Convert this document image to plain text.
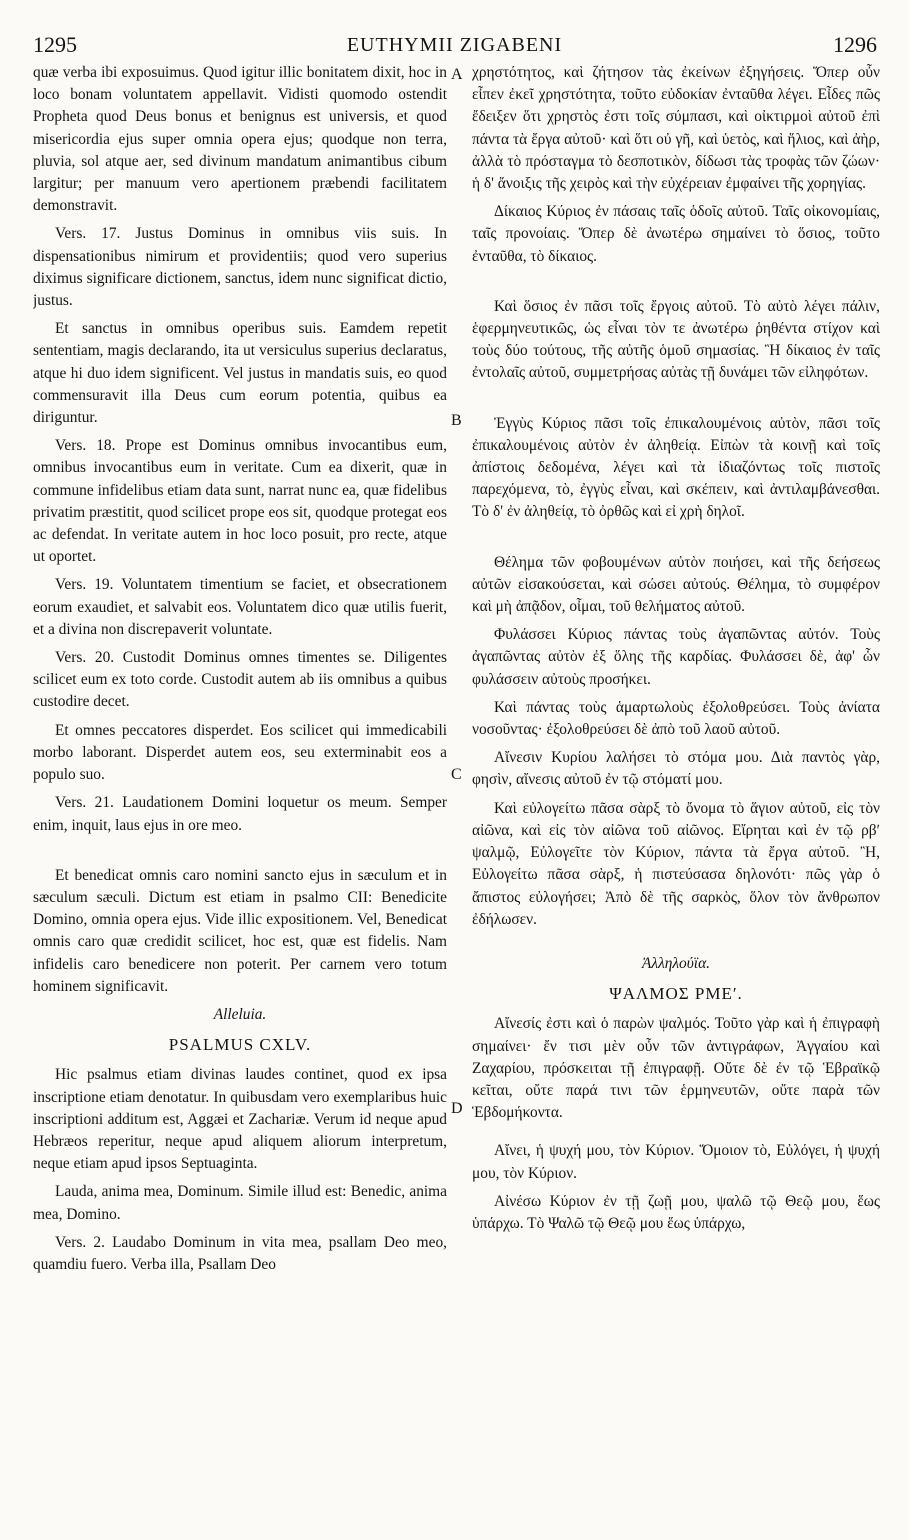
1295	EUTHYMII ZIGABENI	1296

quæ verba ibi exposuimus. Quod igitur illic bonitatem dixit, hoc in loco bonam voluntatem appellavit. Vidisti quomodo ostendit Propheta quod Deus bonus et benignus est universis, et quod misericordia ejus super omnia opera ejus; quodque non terra, pluvia, sol atque aer, sed divinum mandatum animantibus cibum largitur; per manuum vero apertionem præbendi facilitatem demonstravit.

Vers. 17. Justus Dominus in omnibus viis suis. In dispensationibus nimirum et providentiis; quod vero superius diximus significare dictionem, sanctus, idem nunc significat dictio, justus.

Et sanctus in omnibus operibus suis. Eamdem repetit sententiam, magis declarando, ita ut versiculus superius declaratus, atque hi duo idem significent. Vel justus in mandatis suis, eo quod commensuravit illa Deus cum eorum potentia, quibus ea diriguntur.

Vers. 18. Prope est Dominus omnibus invocantibus eum, omnibus invocantibus eum in veritate. Cum ea dixerit, quæ in commune infidelibus etiam data sunt, narrat nunc ea, quæ fidelibus privatim præstitit, quod scilicet prope eos sit, quodque protegat eos ac defendat. In veritate autem in hoc loco posuit, pro recte, atque ut oportet.

Vers. 19. Voluntatem timentium se faciet, et obsecrationem eorum exaudiet, et salvabit eos. Voluntatem dico quæ utilis fuerit, et a divina non discrepaverit voluntate.

Vers. 20. Custodit Dominus omnes timentes se. Diligentes scilicet eum ex toto corde. Custodit autem ab iis omnibus a quibus custodire decet.

Et omnes peccatores disperdet. Eos scilicet qui immedicabili morbo laborant. Disperdet autem eos, seu exterminabit eos a populo suo.

Vers. 21. Laudationem Domini loquetur os meum. Semper enim, inquit, laus ejus in ore meo.

Et benedicat omnis caro nomini sancto ejus in sæculum et in sæculum sæculi. Dictum est etiam in psalmo CII: Benedicite Domino, omnia opera ejus. Vide illic expositionem. Vel, Benedicat omnis caro quæ credidit scilicet, hoc est, quæ est fidelis. Nam infidelis caro benedicere non poterit. Per carnem vero totum hominem significavit.

Alleluia.
PSALMUS CXLV.

Hic psalmus etiam divinas laudes continet, quod ex ipsa inscriptione etiam denotatur. In quibusdam vero exemplaribus huic inscriptioni additum est, Aggæi et Zachariæ. Verum id neque apud Hebræos reperitur, neque apud aliquem aliorum interpretum, neque etiam apud ipsos Septuaginta.

Lauda, anima mea, Dominum. Simile illud est: Benedic, anima mea, Domino.

Vers. 2. Laudabo Dominum in vita mea, psallam Deo meo, quamdiu fuero. Verba illa, Psallam Deo

χρηστότητος, καὶ ζήτησον τὰς ἐκείνων ἐξηγήσεις. Ὅπερ οὖν εἶπεν ἐκεῖ χρηστότητα, τοῦτο εὐδοκίαν ἐνταῦθα λέγει. Εἶδες πῶς ἔδειξεν ὅτι χρηστὸς ἐστι τοῖς σύμπασι, καὶ οἰκτιρμοὶ αὐτοῦ ἐπὶ πάντα τὰ ἔργα αὐτοῦ· καὶ ὅτι οὐ γῆ, καὶ ὑετὸς, καὶ ἥλιος, καὶ ἀὴρ, ἀλλὰ τὸ πρόσταγμα τὸ δεσποτικὸν, δίδωσι τὰς τροφὰς τῶν ζώων· ἡ δ' ἄνοιξις τῆς χειρὸς καὶ τὴν εὐχέρειαν ἐμφαίνει τῆς χορηγίας.

Δίκαιος Κύριος ἐν πάσαις ταῖς ὁδοῖς αὐτοῦ. Ταῖς οἰκονομίαις, ταῖς προνοίαις. Ὅπερ δὲ ἀνωτέρω σημαίνει τὸ ὅσιος, τοῦτο ἐνταῦθα, τὸ δίκαιος.

Καὶ ὅσιος ἐν πᾶσι τοῖς ἔργοις αὐτοῦ. Τὸ αὐτὸ λέγει πάλιν, ἑφερμηνευτικῶς, ὡς εἶναι τὸν τε ἀνωτέρω ῥηθέντα στίχον καὶ τοὺς δύο τούτους, τῆς αὐτῆς ὁμοῦ σημασίας. Ἢ δίκαιος ἐν ταῖς ἐντολαῖς αὐτοῦ, συμμετρήσας αὐτὰς τῇ δυνάμει τῶν εἰληφότων.

Ἐγγὺς Κύριος πᾶσι τοῖς ἐπικαλουμένοις αὐτὸν, πᾶσι τοῖς ἐπικαλουμένοις αὐτὸν ἐν ἀληθείᾳ. Εἰπὼν τὰ κοινῇ καὶ τοῖς ἀπίστοις δεδομένα, λέγει καὶ τὰ ἰδιαζόντως τοῖς πιστοῖς παρεχόμενα, τὸ, ἐγγὺς εἶναι, καὶ σκέπειν, καὶ ἀντιλαμβάνεσθαι. Τὸ δ' ἐν ἀληθείᾳ, τὸ ὀρθῶς καὶ εἰ χρὴ δηλοῖ.

Θέλημα τῶν φοβουμένων αὐτὸν ποιήσει, καὶ τῆς δεήσεως αὐτῶν εἰσακούσεται, καὶ σώσει αὐτούς. Θέλημα, τὸ συμφέρον καὶ μὴ ἀπᾷδον, οἶμαι, τοῦ θελήματος αὐτοῦ.

Φυλάσσει Κύριος πάντας τοὺς ἀγαπῶντας αὐτόν. Τοὺς ἀγαπῶντας αὐτὸν ἐξ ὅλης τῆς καρδίας. Φυλάσσει δὲ, ἀφ' ὧν φυλάσσειν αὐτοὺς προσήκει.

Καὶ πάντας τοὺς ἁμαρτωλοὺς ἐξολοθρεύσει. Τοὺς ἀνίατα νοσοῦντας· ἐξολοθρεύσει δὲ ἀπὸ τοῦ λαοῦ αὐτοῦ.

Αἴνεσιν Κυρίου λαλήσει τὸ στόμα μου. Διὰ παντὸς γὰρ, φησὶν, αἴνεσις αὐτοῦ ἐν τῷ στόματί μου.

Καὶ εὐλογείτω πᾶσα σὰρξ τὸ ὄνομα τὸ ἅγιον αὐτοῦ, εἰς τὸν αἰῶνα, καὶ εἰς τὸν αἰῶνα τοῦ αἰῶνος. Εἴρηται καὶ ἐν τῷ ρβʹ ψαλμῷ, Εὐλογεῖτε τὸν Κύριον, πάντα τὰ ἔργα αὐτοῦ. Ἢ, Εὐλογείτω πᾶσα σὰρξ, ἡ πιστεύσασα δηλονότι· πῶς γὰρ ὁ ἄπιστος εὐλογήσει; Ἀπὸ δὲ τῆς σαρκὸς, ὅλον τὸν ἄνθρωπον ἐδήλωσεν.

Ἀλληλούϊα.
ΨΑΛΜΟΣ ΡΜΕʹ.

Αἴνεσίς ἐστι καὶ ὁ παρὼν ψαλμός. Τοῦτο γὰρ καὶ ἡ ἐπιγραφὴ σημαίνει· ἔν τισι μὲν οὖν τῶν ἀντιγράφων, Ἀγγαίου καὶ Ζαχαρίου, πρόσκειται τῇ ἐπιγραφῇ. Οὔτε δὲ ἐν τῷ Ἑβραϊκῷ κεῖται, οὔτε παρά τινι τῶν ἑρμηνευτῶν, οὔτε παρὰ τῶν Ἑβδομήκοντα.

Αἴνει, ἡ ψυχή μου, τὸν Κύριον. Ὅμοιον τὸ, Εὐλόγει, ἡ ψυχή μου, τὸν Κύριον.

Αἰνέσω Κύριον ἐν τῇ ζωῇ μου, ψαλῶ τῷ Θεῷ μου, ἕως ὑπάρχω. Τὸ Ψαλῶ τῷ Θεῷ μου ἕως ὑπάρχω,

A
B
C
D
